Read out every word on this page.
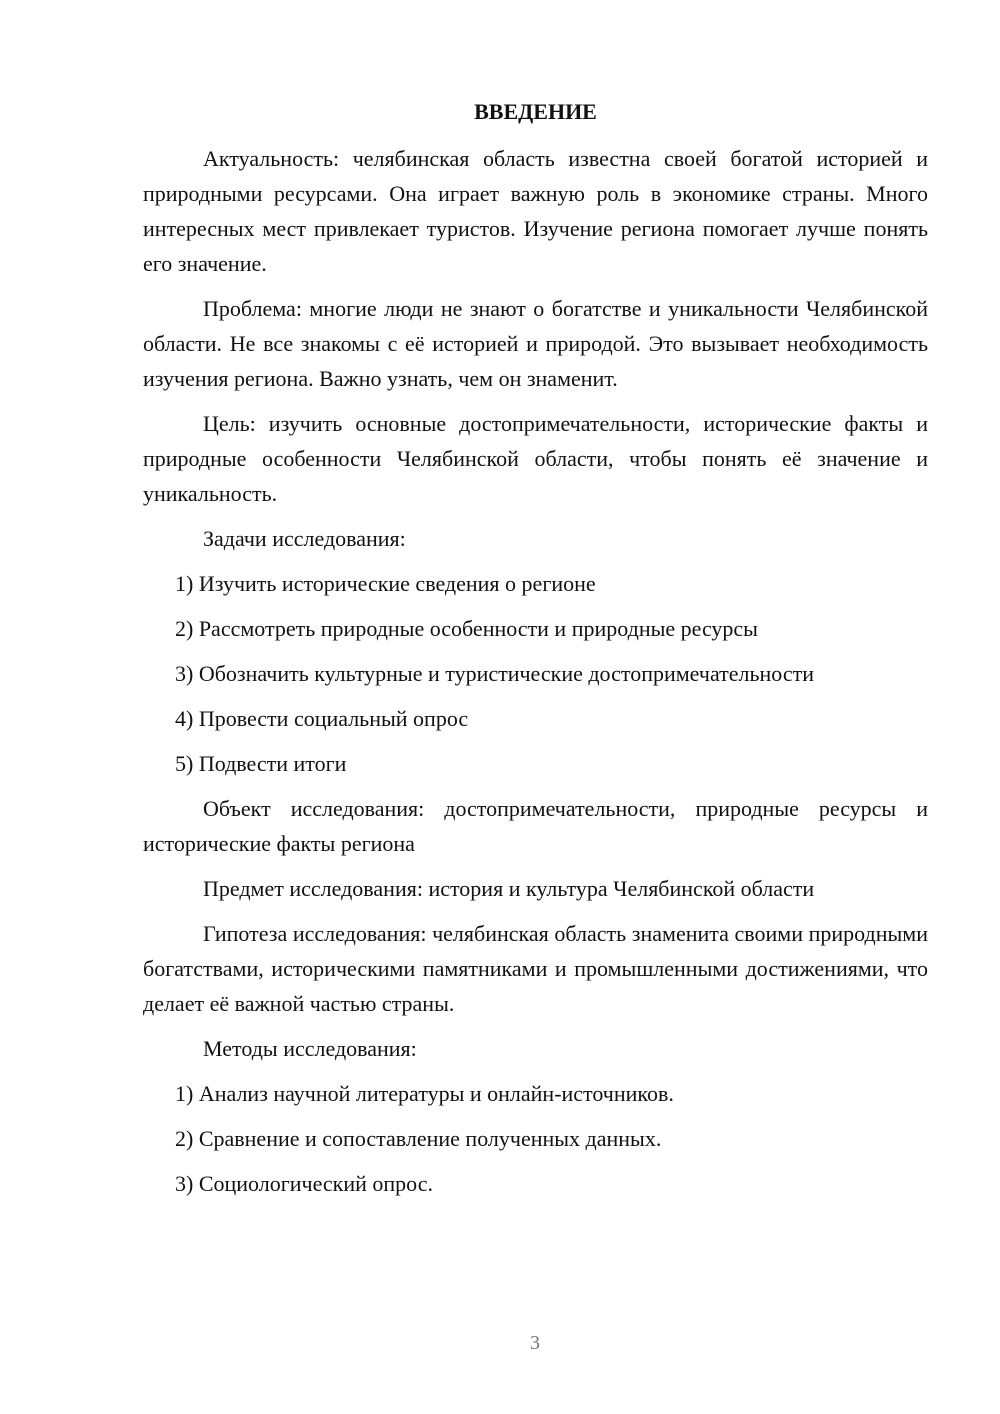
ВВЕДЕНИЕ

Актуальность: челябинская область известна своей богатой историей и природными ресурсами. Она играет важную роль в экономике страны. Много интересных мест привлекает туристов. Изучение региона помогает лучше понять его значение.

Проблема: многие люди не знают о богатстве и уникальности Челябинской области. Не все знакомы с её историей и природой. Это вызывает необходимость изучения региона. Важно узнать, чем он знаменит.

Цель: изучить основные достопримечательности, исторические факты и природные особенности Челябинской области, чтобы понять её значение и уникальность.

Задачи исследования:

1) Изучить исторические сведения о регионе

2) Рассмотреть природные особенности и природные ресурсы

3) Обозначить культурные и туристические достопримечательности

4) Провести социальный опрос

5) Подвести итоги

Объект исследования: достопримечательности, природные ресурсы и исторические факты региона

Предмет исследования: история и культура Челябинской области

Гипотеза исследования: челябинская область знаменита своими природными богатствами, историческими памятниками и промышленными достижениями, что делает её важной частью страны.

Методы исследования:

1) Анализ научной литературы и онлайн-источников.

2) Сравнение и сопоставление полученных данных.

3) Социологический опрос.

3
